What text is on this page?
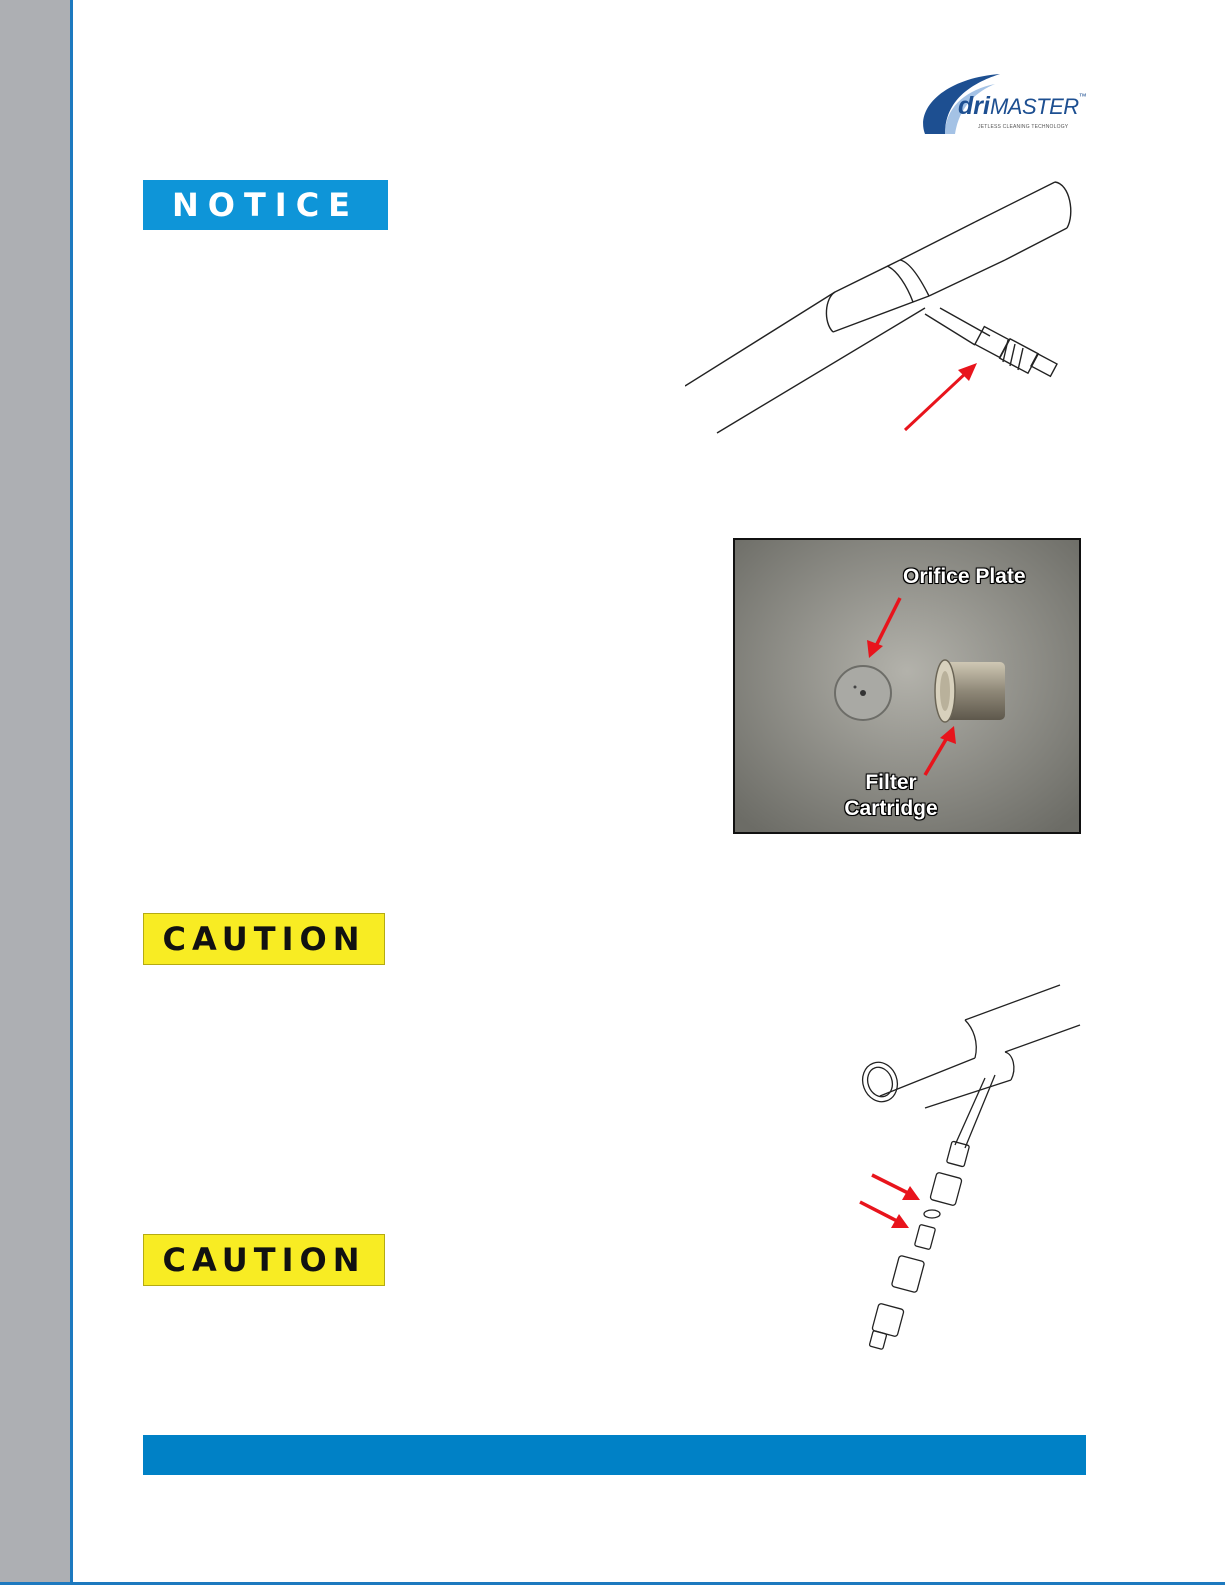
driMASTER™
JETLESS CLEANING TECHNOLOGY
NOTICE
Orifice Plate
Filter
Cartridge
CAUTION
CAUTION
